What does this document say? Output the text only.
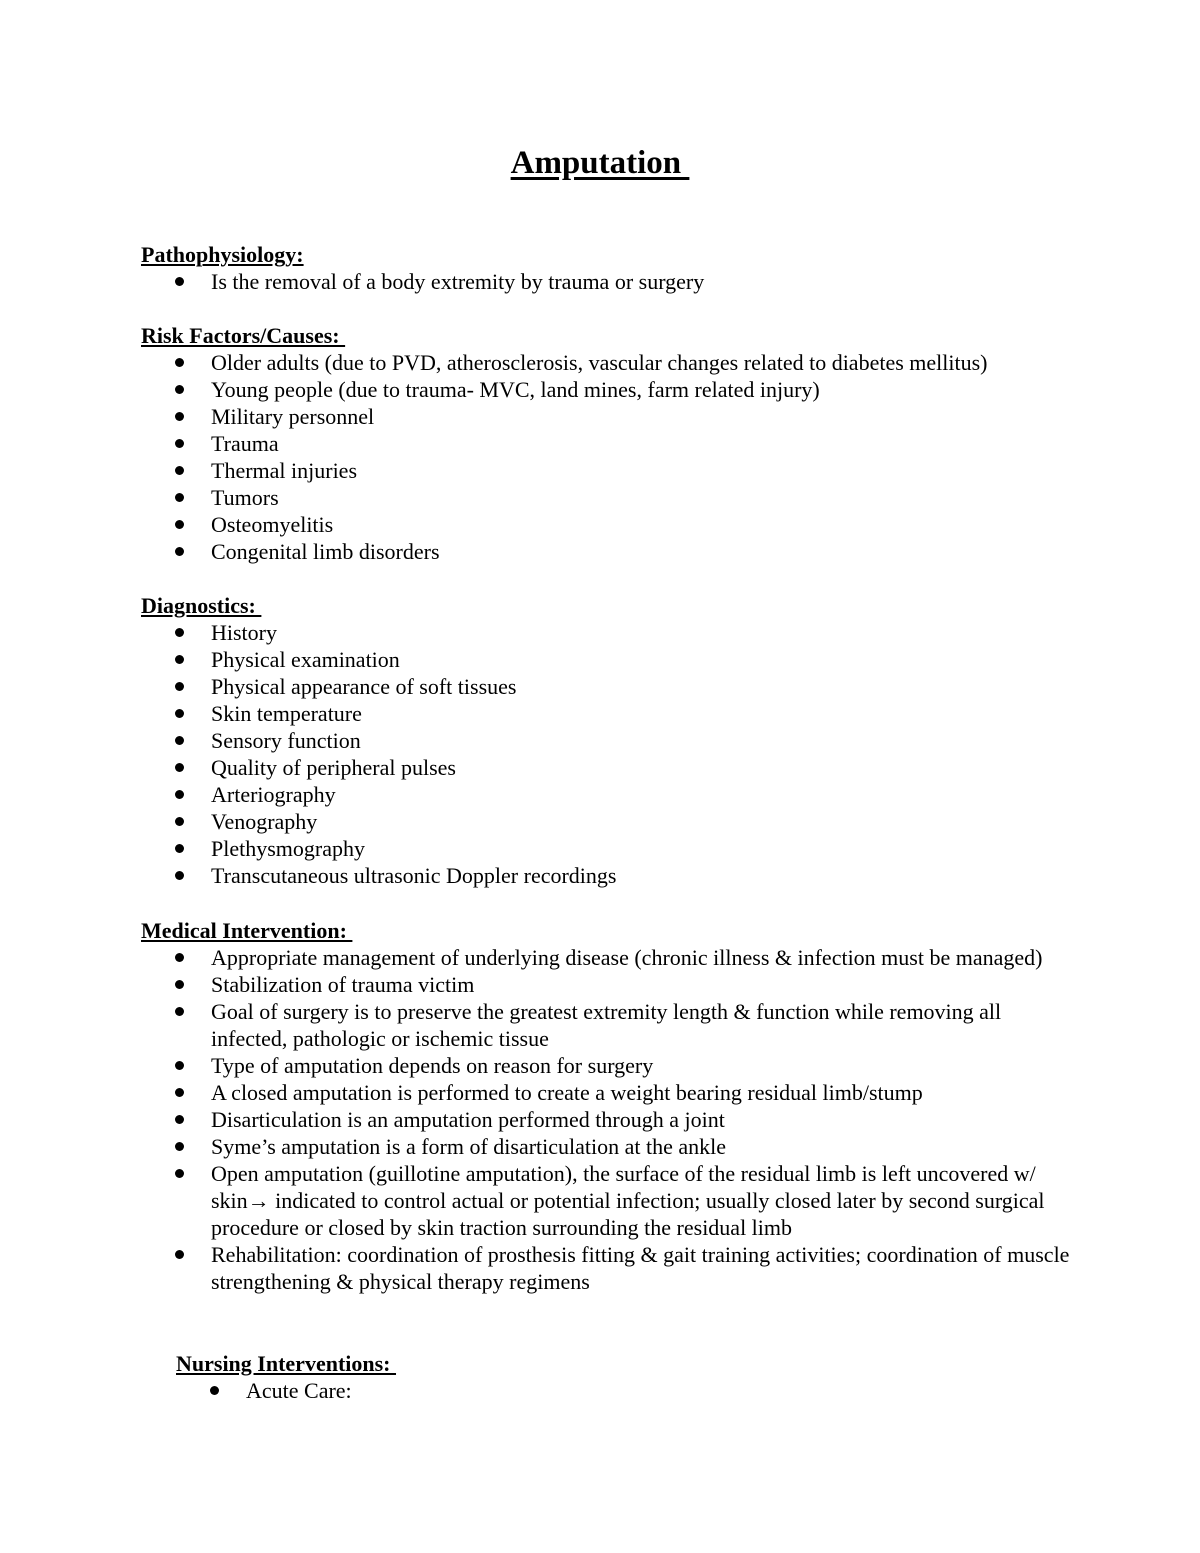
Amputation
Pathophysiology:
Is the removal of a body extremity by trauma or surgery
Risk Factors/Causes:
Older adults (due to PVD, atherosclerosis, vascular changes related to diabetes mellitus)
Young people (due to trauma- MVC, land mines, farm related injury)
Military personnel
Trauma
Thermal injuries
Tumors
Osteomyelitis
Congenital limb disorders
Diagnostics:
History
Physical examination
Physical appearance of soft tissues
Skin temperature
Sensory function
Quality of peripheral pulses
Arteriography
Venography
Plethysmography
Transcutaneous ultrasonic Doppler recordings
Medical Intervention:
Appropriate management of underlying disease (chronic illness & infection must be managed)
Stabilization of trauma victim
Goal of surgery is to preserve the greatest extremity length & function while removing all infected, pathologic or ischemic tissue
Type of amputation depends on reason for surgery
A closed amputation is performed to create a weight bearing residual limb/stump
Disarticulation is an amputation performed through a joint
Syme’s amputation is a form of disarticulation at the ankle
Open amputation (guillotine amputation), the surface of the residual limb is left uncovered w/ skin→ indicated to control actual or potential infection; usually closed later by second surgical procedure or closed by skin traction surrounding the residual limb
Rehabilitation: coordination of prosthesis fitting & gait training activities; coordination of muscle strengthening & physical therapy regimens
Nursing Interventions:
Acute Care:
